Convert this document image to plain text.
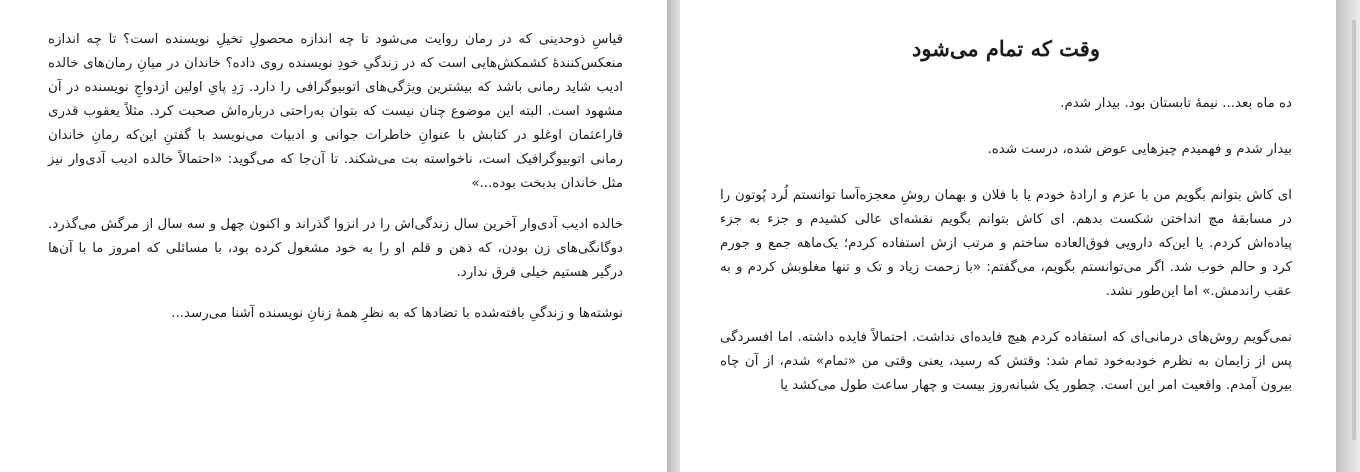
قیاسِ ذوحدینی که در رمان روایت می‌شود تا چه اندازه محصولِ تخیلِ نویسنده است؟ تا چه اندازه منعکس‌کنندهٔ کشمکش‌هایی است که در زندگیِ خودِ نویسنده روی داده؟ خاندان در میانِ رمان‌های خالده ادیب شاید رمانی باشد که بیشترین ویژگی‌های اتوبیوگرافی را دارد. رَدِ پایِ اولین ازدواجِ نویسنده در آن مشهود است. البته این موضوع چنان نیست که بتوان به‌راحتی درباره‌اش صحبت کرد. مثلاً یعقوب قدری قاراعثمان اوغلو در کتابش با عنوانِ خاطرات جوانی و ادبیات می‌نویسد با گفتنِ این‌که رمانِ خاندان رمانی اتوبیوگرافیک است، ناخواسته بت می‌شکند. تا آن‌جا که می‌گوید: «احتمالاً خالده ادیب آدی‌وار نیز مثل خاندان بدبخت بوده...»

خالده ادیب آدی‌وار آخرین سال زندگی‌اش را در انزوا گذراند و اکنون چهل و سه سال از مرگش می‌گذرد. دوگانگی‌های زن بودن، که ذهن و قلم او را به خود مشغول کرده بود، با مسائلی که امروز ما با آن‌ها درگیر هستیم خیلی فرق ندارد.

نوشته‌ها و زندگیِ بافته‌شده با تضادها که به نظرِ همهٔ زنانِ نویسنده آشنا می‌رسد...

وقت که تمام می‌شود

ده ماه بعد... نیمهٔ تابستان بود. بیدار شدم.

بیدار شدم و فهمیدم چیزهایی عوض شده، درست شده.

ای کاش بتوانم بگویم من با عزم و ارادهٔ خودم یا با فلان و بهمان روشِ معجزه‌آسا توانستم لُرد پُوتون را در مسابقهٔ مچ انداختن شکست بدهم. ای کاش بتوانم بگویم نقشه‌ای عالی کشیدم و جزء به جزء پیاده‌اش کردم. یا این‌که دارویی فوق‌العاده ساختم و مرتب ازش استفاده کردم؛ یک‌ماهه جمع و جورم کرد و حالم خوب شد. اگر می‌توانستم بگویم، می‌گفتم: «با زحمت زیاد و تک و تنها مغلوبش کردم و به عقب راندمش.» اما این‌طور نشد.

نمی‌گویم روش‌های درمانی‌ای که استفاده کردم هیچ فایده‌ای نداشت. احتمالاً فایده داشته. اما افسردگی پس از زایمان به نظرم خودبه‌خود تمام شد: وقتش که رسید، یعنی وقتی من «تمام» شدم، از آن چاه بیرون آمدم. واقعیت امر این است. چطور یک شبانه‌روز بیست و چهار ساعت طول می‌کشد یا
